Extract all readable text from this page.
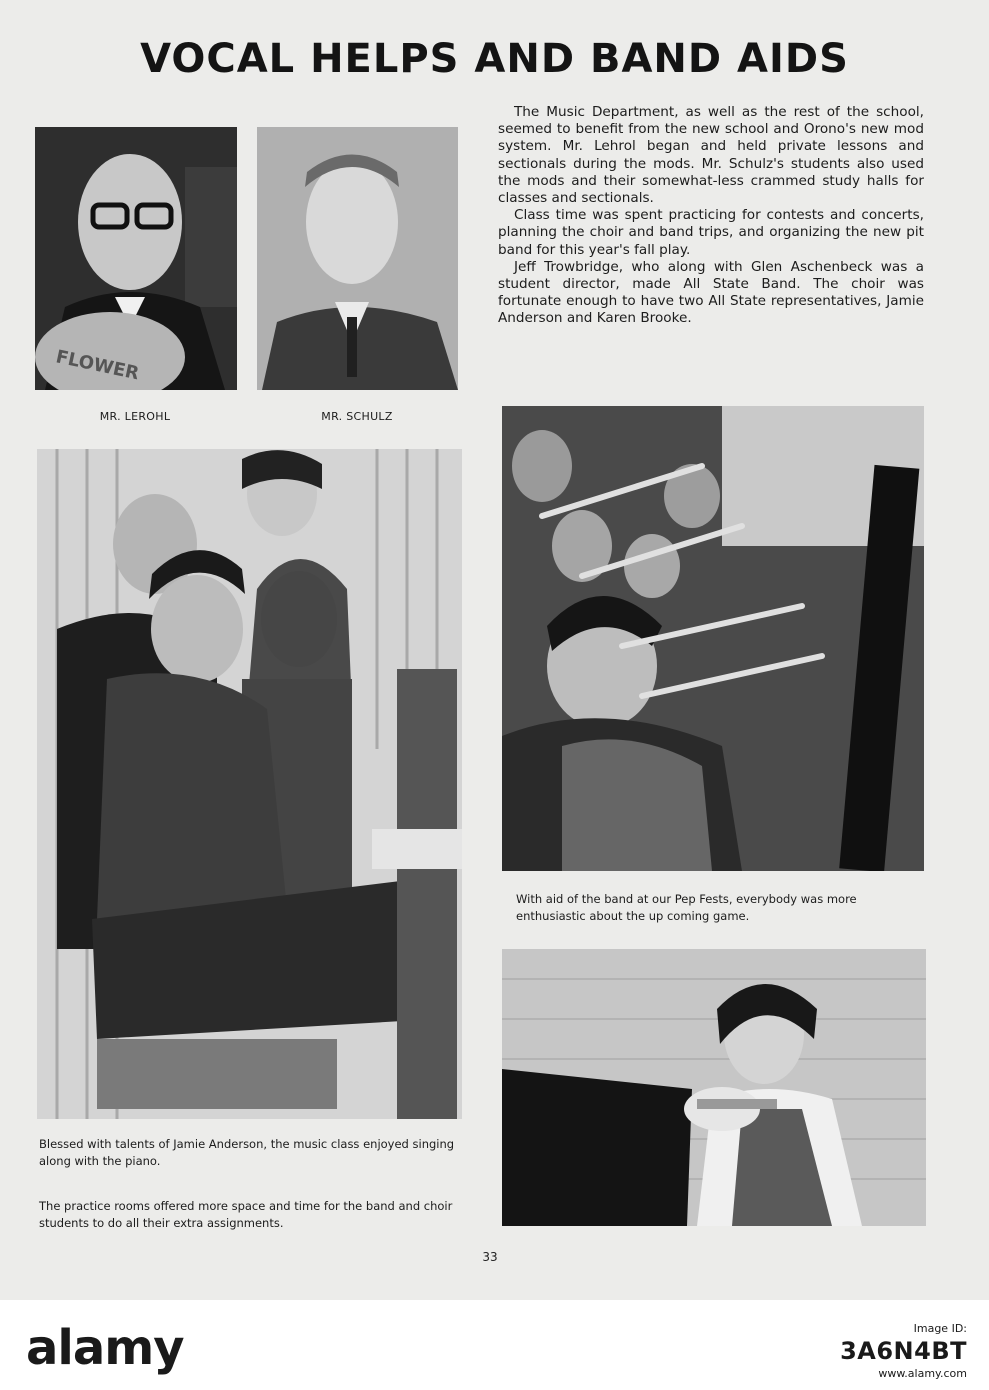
VOCAL HELPS AND BAND AIDS
FLOWER
MR. LEROHL	MR. SCHULZ
Blessed with talents of Jamie Anderson, the music class enjoyed singing along with the piano.
The practice rooms offered more space and time for the band and choir students to do all their extra assignments.

The Music Department, as well as the rest of the school, seemed to benefit from the new school and Orono's new mod system. Mr. Lehrol began and held private lessons and sectionals during the mods. Mr. Schulz's students also used the mods and their somewhat-less crammed study halls for classes and sectionals.

Class time was spent practicing for contests and concerts, planning the choir and band trips, and organizing the new pit band for this year's fall play.

Jeff Trowbridge, who along with Glen Aschenbeck was a student director, made All State Band. The choir was fortunate enough to have two All State representatives, Jamie Anderson and Karen Brooke.

With aid of the band at our Pep Fests, everybody was more enthusiastic about the up coming game.
33
alamy	Image ID:
3A6N4BT
www.alamy.com
